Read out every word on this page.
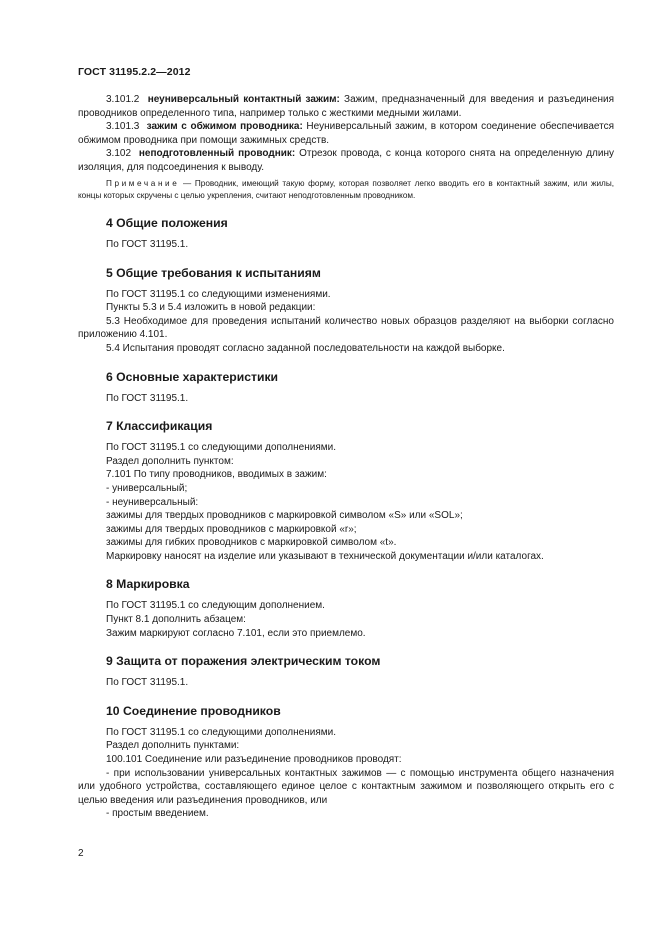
ГОСТ 31195.2.2—2012

3.101.2 неуниверсальный контактный зажим: Зажим, предназначенный для введения и разъединения проводников определенного типа, например только с жесткими медными жилами.

3.101.3 зажим с обжимом проводника: Неуниверсальный зажим, в котором соединение обеспечивается обжимом проводника при помощи зажимных средств.

3.102 неподготовленный проводник: Отрезок провода, с конца которого снята на определенную длину изоляция, для подсоединения к выводу.

Примечание — Проводник, имеющий такую форму, которая позволяет легко вводить его в контактный зажим, или жилы, концы которых скручены с целью укрепления, считают неподготовленным проводником.

4 Общие положения

По ГОСТ 31195.1.

5 Общие требования к испытаниям

По ГОСТ 31195.1 со следующими изменениями.

Пункты 5.3 и 5.4 изложить в новой редакции:

5.3 Необходимое для проведения испытаний количество новых образцов разделяют на выборки согласно приложению 4.101.

5.4 Испытания проводят согласно заданной последовательности на каждой выборке.

6 Основные характеристики

По ГОСТ 31195.1.

7 Классификация

По ГОСТ 31195.1 со следующими дополнениями.

Раздел дополнить пунктом:

7.101 По типу проводников, вводимых в зажим:

- универсальный;

- неуниверсальный:

зажимы для твердых проводников с маркировкой символом «S» или «SOL»;

зажимы для твердых проводников с маркировкой «r»;

зажимы для гибких проводников с маркировкой символом «t».

Маркировку наносят на изделие или указывают в технической документации и/или каталогах.

8 Маркировка

По ГОСТ 31195.1 со следующим дополнением.

Пункт 8.1 дополнить абзацем:

Зажим маркируют согласно 7.101, если это приемлемо.

9 Защита от поражения электрическим током

По ГОСТ 31195.1.

10 Соединение проводников

По ГОСТ 31195.1 со следующими дополнениями.

Раздел дополнить пунктами:

100.101 Соединение или разъединение проводников проводят:

- при использовании универсальных контактных зажимов — с помощью инструмента общего назначения или удобного устройства, составляющего единое целое с контактным зажимом и позволяющего открыть его с целью введения или разъединения проводников, или

- простым введением.

2
